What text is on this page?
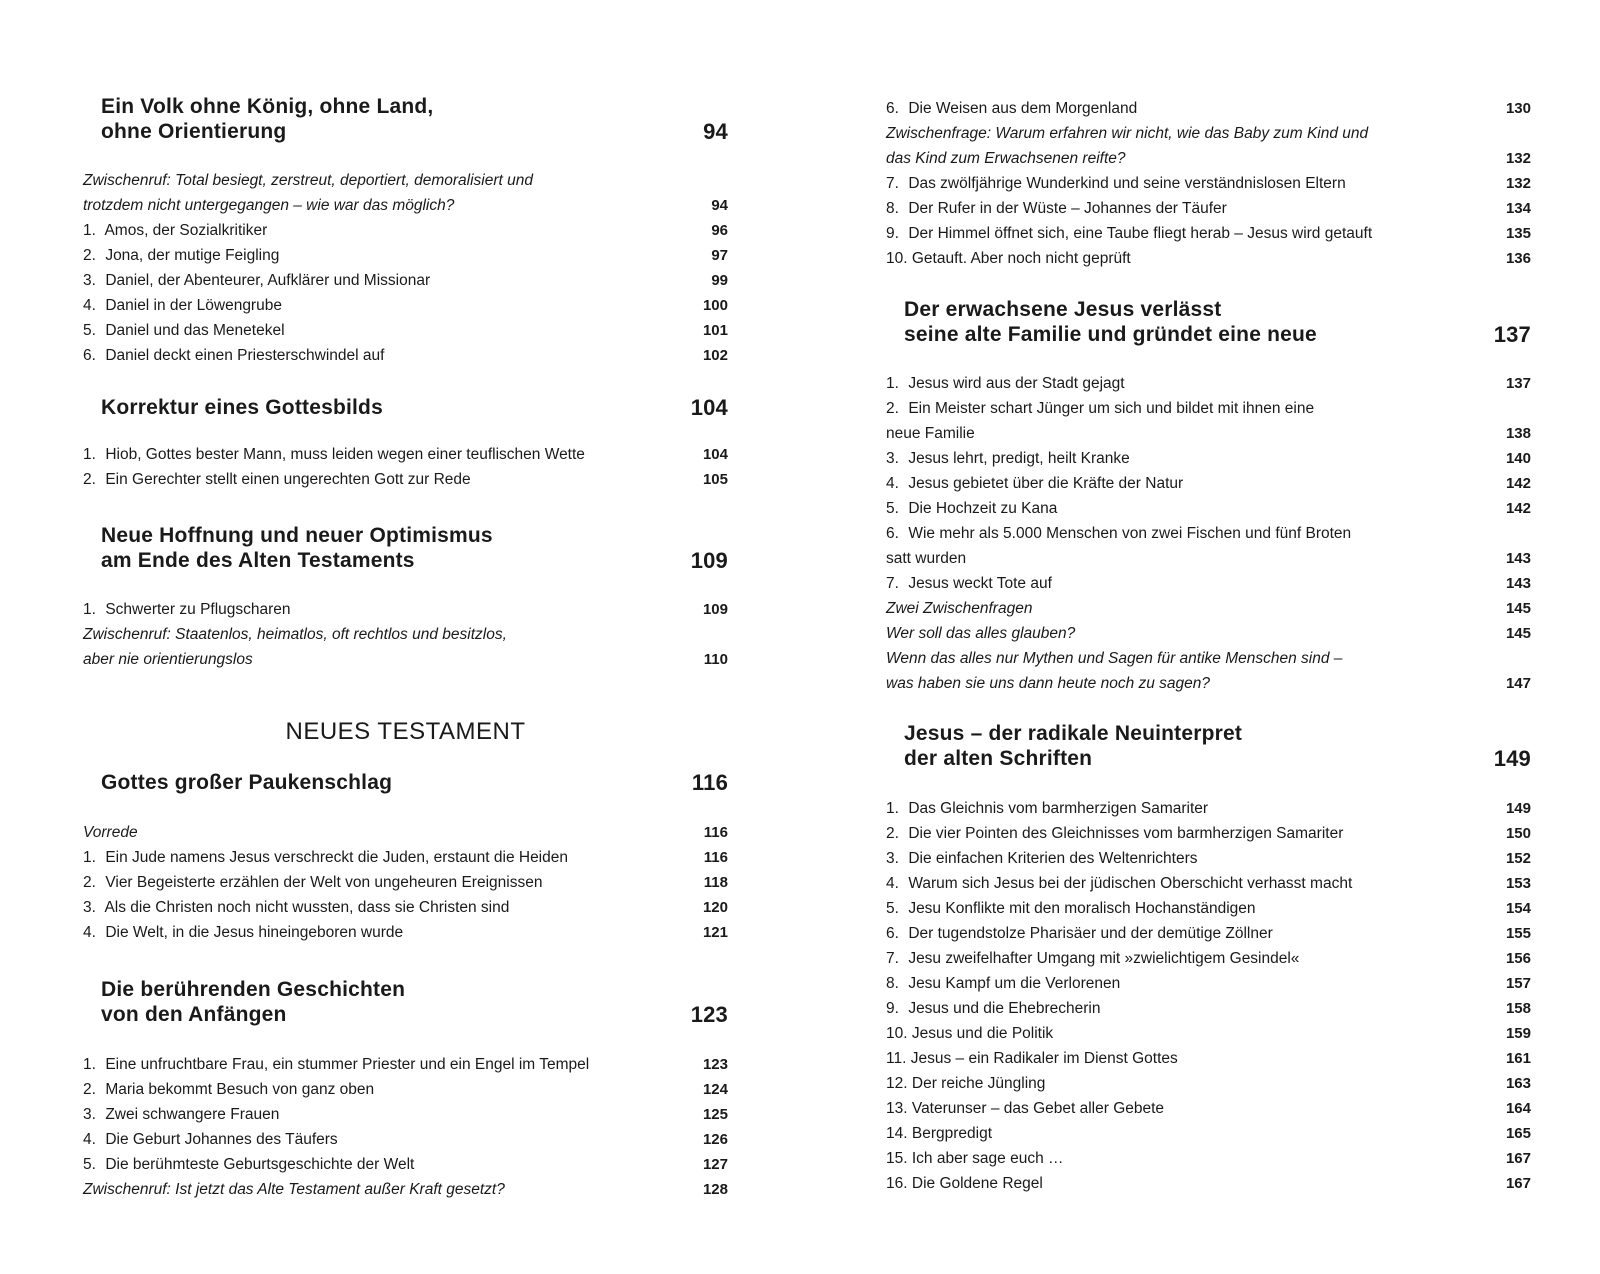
Ein Volk ohne König, ohne Land,
ohne Orientierung	94
Zwischenruf: Total besiegt, zerstreut, deportiert, demoralisiert und
trotzdem nicht untergegangen – wie war das möglich?	94
1. Amos, der Sozialkritiker	96
2. Jona, der mutige Feigling	97
3. Daniel, der Abenteurer, Aufklärer und Missionar	99
4. Daniel in der Löwengrube	100
5. Daniel und das Menetekel	101
6. Daniel deckt einen Priesterschwindel auf	102
Korrektur eines Gottesbilds	104
1. Hiob, Gottes bester Mann, muss leiden wegen einer teuflischen Wette	104
2. Ein Gerechter stellt einen ungerechten Gott zur Rede	105
Neue Hoffnung und neuer Optimismus
am Ende des Alten Testaments	109
1. Schwerter zu Pflugscharen	109
Zwischenruf: Staatenlos, heimatlos, oft rechtlos und besitzlos,
aber nie orientierungslos	110
NEUES TESTAMENT
Gottes großer Paukenschlag	116
Vorrede	116
1. Ein Jude namens Jesus verschreckt die Juden, erstaunt die Heiden	116
2. Vier Begeisterte erzählen der Welt von ungeheuren Ereignissen	118
3. Als die Christen noch nicht wussten, dass sie Christen sind	120
4. Die Welt, in die Jesus hineingeboren wurde	121
Die berührenden Geschichten
von den Anfängen	123
1. Eine unfruchtbare Frau, ein stummer Priester und ein Engel im Tempel	123
2. Maria bekommt Besuch von ganz oben	124
3. Zwei schwangere Frauen	125
4. Die Geburt Johannes des Täufers	126
5. Die berühmteste Geburtsgeschichte der Welt	127
Zwischenruf: Ist jetzt das Alte Testament außer Kraft gesetzt?	128
6. Die Weisen aus dem Morgenland	130
Zwischenfrage: Warum erfahren wir nicht, wie das Baby zum Kind und
das Kind zum Erwachsenen reifte?	132
7. Das zwölfjährige Wunderkind und seine verständnislosen Eltern	132
8. Der Rufer in der Wüste – Johannes der Täufer	134
9. Der Himmel öffnet sich, eine Taube fliegt herab – Jesus wird getauft	135
10. Getauft. Aber noch nicht geprüft	136
Der erwachsene Jesus verlässt
seine alte Familie und gründet eine neue	137
1. Jesus wird aus der Stadt gejagt	137
2. Ein Meister schart Jünger um sich und bildet mit ihnen eine
neue Familie	138
3. Jesus lehrt, predigt, heilt Kranke	140
4. Jesus gebietet über die Kräfte der Natur	142
5. Die Hochzeit zu Kana	142
6. Wie mehr als 5.000 Menschen von zwei Fischen und fünf Broten
satt wurden	143
7. Jesus weckt Tote auf	143
Zwei Zwischenfragen	145
Wer soll das alles glauben?	145
Wenn das alles nur Mythen und Sagen für antike Menschen sind –
was haben sie uns dann heute noch zu sagen?	147
Jesus – der radikale Neuinterpret
der alten Schriften	149
1. Das Gleichnis vom barmherzigen Samariter	149
2. Die vier Pointen des Gleichnisses vom barmherzigen Samariter	150
3. Die einfachen Kriterien des Weltenrichters	152
4. Warum sich Jesus bei der jüdischen Oberschicht verhasst macht	153
5. Jesu Konflikte mit den moralisch Hochanständigen	154
6. Der tugendstolze Pharisäer und der demütige Zöllner	155
7. Jesu zweifelhafter Umgang mit »zwielichtigem Gesindel«	156
8. Jesu Kampf um die Verlorenen	157
9. Jesus und die Ehebrecherin	158
10. Jesus und die Politik	159
11. Jesus – ein Radikaler im Dienst Gottes	161
12. Der reiche Jüngling	163
13. Vaterunser – das Gebet aller Gebete	164
14. Bergpredigt	165
15. Ich aber sage euch …	167
16. Die Goldene Regel	167
